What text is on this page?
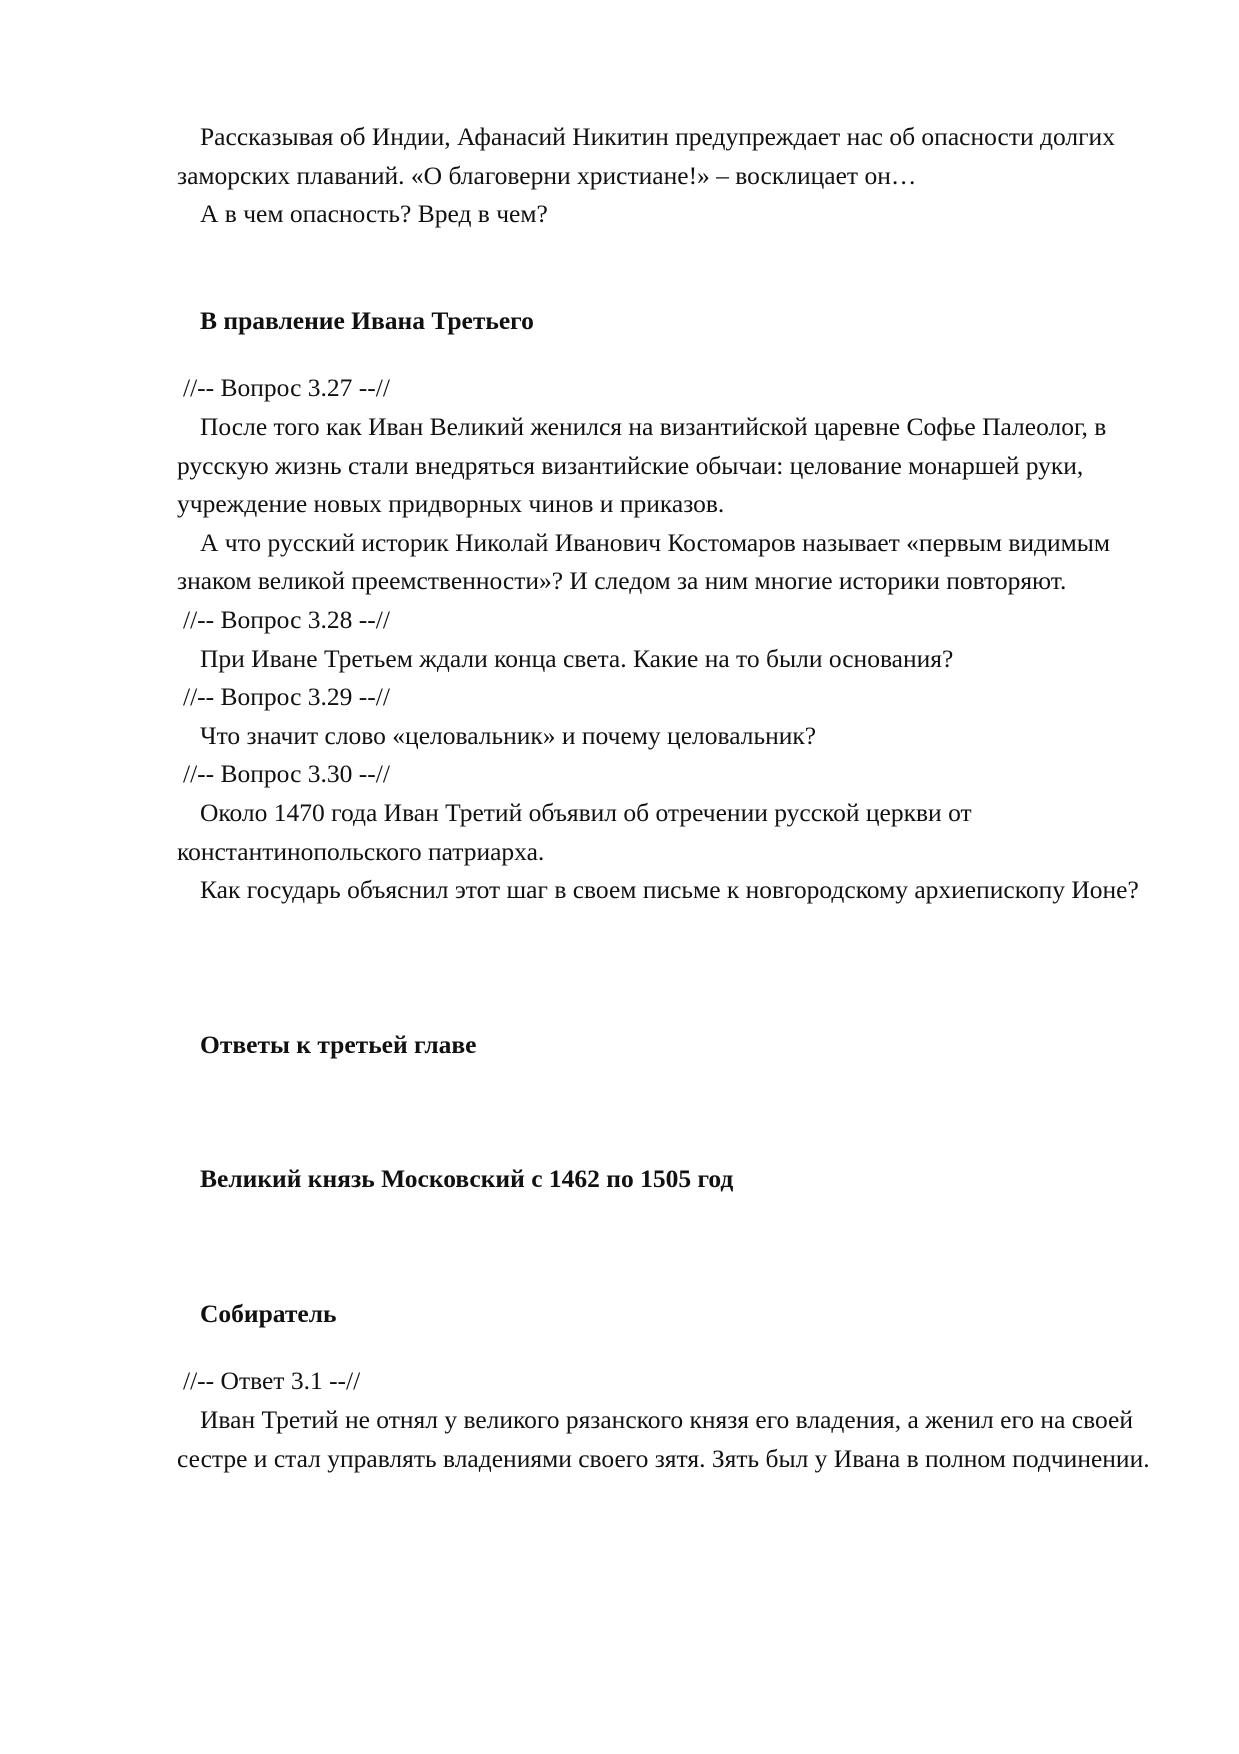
Рассказывая об Индии, Афанасий Никитин предупреждает нас об опасности долгих заморских плаваний. «О благоверни христиане!» – восклицает он…

А в чем опасность? Вред в чем?

В правление Ивана Третьего

//-- Вопрос 3.27 --//

После того как Иван Великий женился на византийской царевне Софье Палеолог, в русскую жизнь стали внедряться византийские обычаи: целование монаршей руки, учреждение новых придворных чинов и приказов.

А что русский историк Николай Иванович Костомаров называет «первым видимым знаком великой преемственности»? И следом за ним многие историки повторяют.

//-- Вопрос 3.28 --//

При Иване Третьем ждали конца света. Какие на то были основания?

//-- Вопрос 3.29 --//

Что значит слово «целовальник» и почему целовальник?

//-- Вопрос 3.30 --//

Около 1470 года Иван Третий объявил об отречении русской церкви от константинопольского патриарха.

Как государь объяснил этот шаг в своем письме к новгородскому архиепископу Ионе?

Ответы к третьей главе

Великий князь Московский с 1462 по 1505 год

Собиратель

//-- Ответ 3.1 --//

Иван Третий не отнял у великого рязанского князя его владения, а женил его на своей сестре и стал управлять владениями своего зятя. Зять был у Ивана в полном подчинении.
